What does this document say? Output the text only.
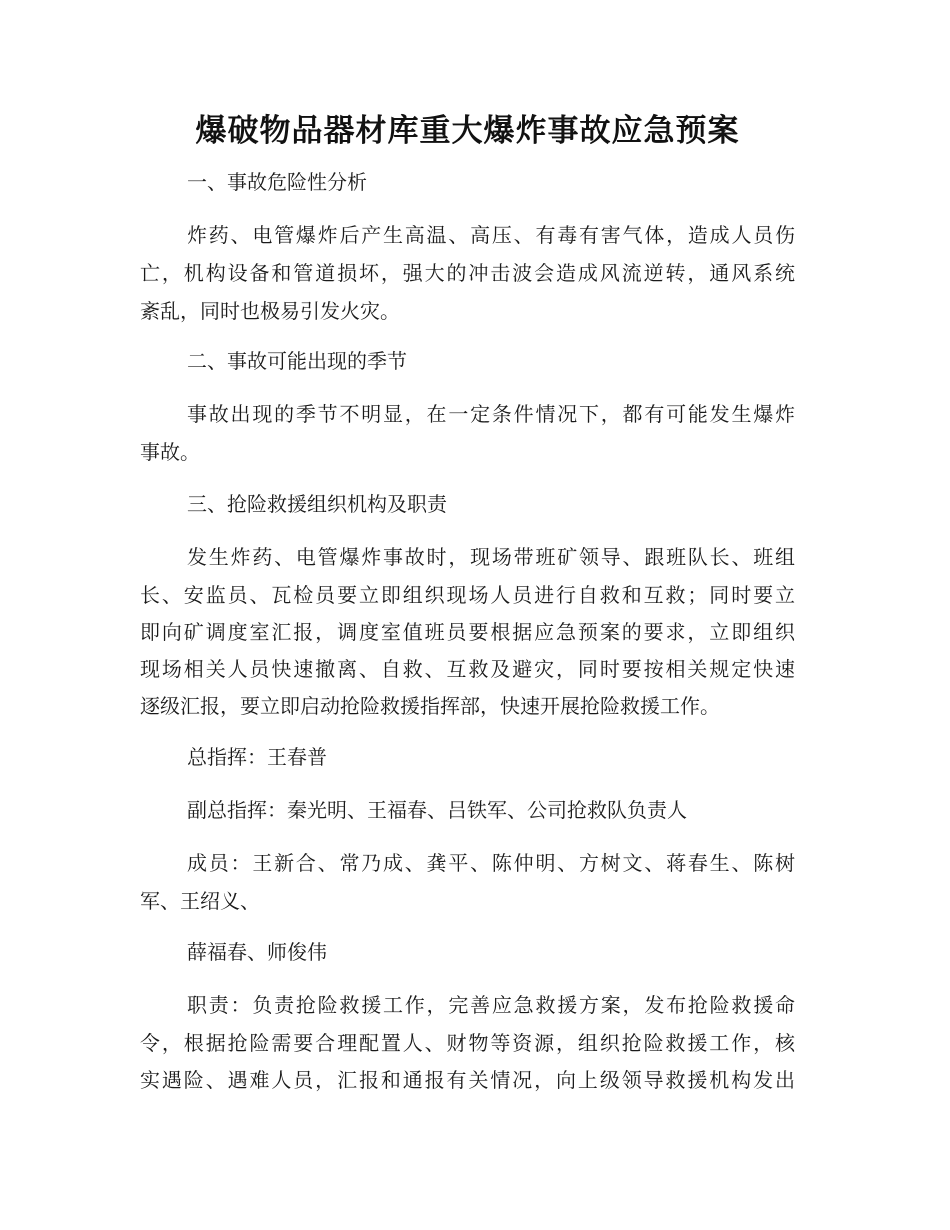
爆破物品器材库重大爆炸事故应急预案

一、事故危险性分析

炸药、电管爆炸后产生高温、高压、有毒有害气体，造成人员伤

亡，机构设备和管道损坏，强大的冲击波会造成风流逆转，通风系统

紊乱，同时也极易引发火灾。

二、事故可能出现的季节

事故出现的季节不明显，在一定条件情况下，都有可能发生爆炸

事故。

三、抢险救援组织机构及职责

发生炸药、电管爆炸事故时，现场带班矿领导、跟班队长、班组

长、安监员、瓦检员要立即组织现场人员进行自救和互救；同时要立

即向矿调度室汇报，调度室值班员要根据应急预案的要求，立即组织

现场相关人员快速撤离、自救、互救及避灾，同时要按相关规定快速

逐级汇报，要立即启动抢险救援指挥部，快速开展抢险救援工作。

总指挥：王春普

副总指挥：秦光明、王福春、吕铁军、公司抢救队负责人

成员：王新合、常乃成、龚平、陈仲明、方树文、蒋春生、陈树

军、王绍义、

薛福春、师俊伟

职责：负责抢险救援工作，完善应急救援方案，发布抢险救援命

令，根据抢险需要合理配置人、财物等资源，组织抢险救援工作，核

实遇险、遇难人员，汇报和通报有关情况，向上级领导救援机构发出
